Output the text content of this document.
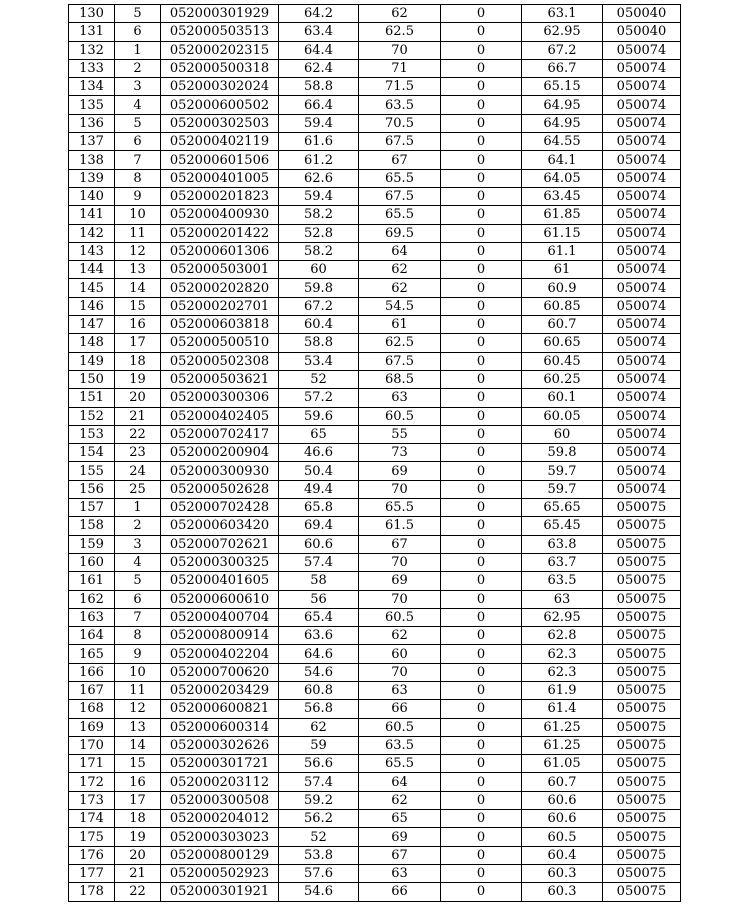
130	5	052000301929	64.2	62	0	63.1	050040
131	6	052000503513	63.4	62.5	0	62.95	050040
132	1	052000202315	64.4	70	0	67.2	050074
133	2	052000500318	62.4	71	0	66.7	050074
134	3	052000302024	58.8	71.5	0	65.15	050074
135	4	052000600502	66.4	63.5	0	64.95	050074
136	5	052000302503	59.4	70.5	0	64.95	050074
137	6	052000402119	61.6	67.5	0	64.55	050074
138	7	052000601506	61.2	67	0	64.1	050074
139	8	052000401005	62.6	65.5	0	64.05	050074
140	9	052000201823	59.4	67.5	0	63.45	050074
141	10	052000400930	58.2	65.5	0	61.85	050074
142	11	052000201422	52.8	69.5	0	61.15	050074
143	12	052000601306	58.2	64	0	61.1	050074
144	13	052000503001	60	62	0	61	050074
145	14	052000202820	59.8	62	0	60.9	050074
146	15	052000202701	67.2	54.5	0	60.85	050074
147	16	052000603818	60.4	61	0	60.7	050074
148	17	052000500510	58.8	62.5	0	60.65	050074
149	18	052000502308	53.4	67.5	0	60.45	050074
150	19	052000503621	52	68.5	0	60.25	050074
151	20	052000300306	57.2	63	0	60.1	050074
152	21	052000402405	59.6	60.5	0	60.05	050074
153	22	052000702417	65	55	0	60	050074
154	23	052000200904	46.6	73	0	59.8	050074
155	24	052000300930	50.4	69	0	59.7	050074
156	25	052000502628	49.4	70	0	59.7	050074
157	1	052000702428	65.8	65.5	0	65.65	050075
158	2	052000603420	69.4	61.5	0	65.45	050075
159	3	052000702621	60.6	67	0	63.8	050075
160	4	052000300325	57.4	70	0	63.7	050075
161	5	052000401605	58	69	0	63.5	050075
162	6	052000600610	56	70	0	63	050075
163	7	052000400704	65.4	60.5	0	62.95	050075
164	8	052000800914	63.6	62	0	62.8	050075
165	9	052000402204	64.6	60	0	62.3	050075
166	10	052000700620	54.6	70	0	62.3	050075
167	11	052000203429	60.8	63	0	61.9	050075
168	12	052000600821	56.8	66	0	61.4	050075
169	13	052000600314	62	60.5	0	61.25	050075
170	14	052000302626	59	63.5	0	61.25	050075
171	15	052000301721	56.6	65.5	0	61.05	050075
172	16	052000203112	57.4	64	0	60.7	050075
173	17	052000300508	59.2	62	0	60.6	050075
174	18	052000204012	56.2	65	0	60.6	050075
175	19	052000303023	52	69	0	60.5	050075
176	20	052000800129	53.8	67	0	60.4	050075
177	21	052000502923	57.6	63	0	60.3	050075
178	22	052000301921	54.6	66	0	60.3	050075
